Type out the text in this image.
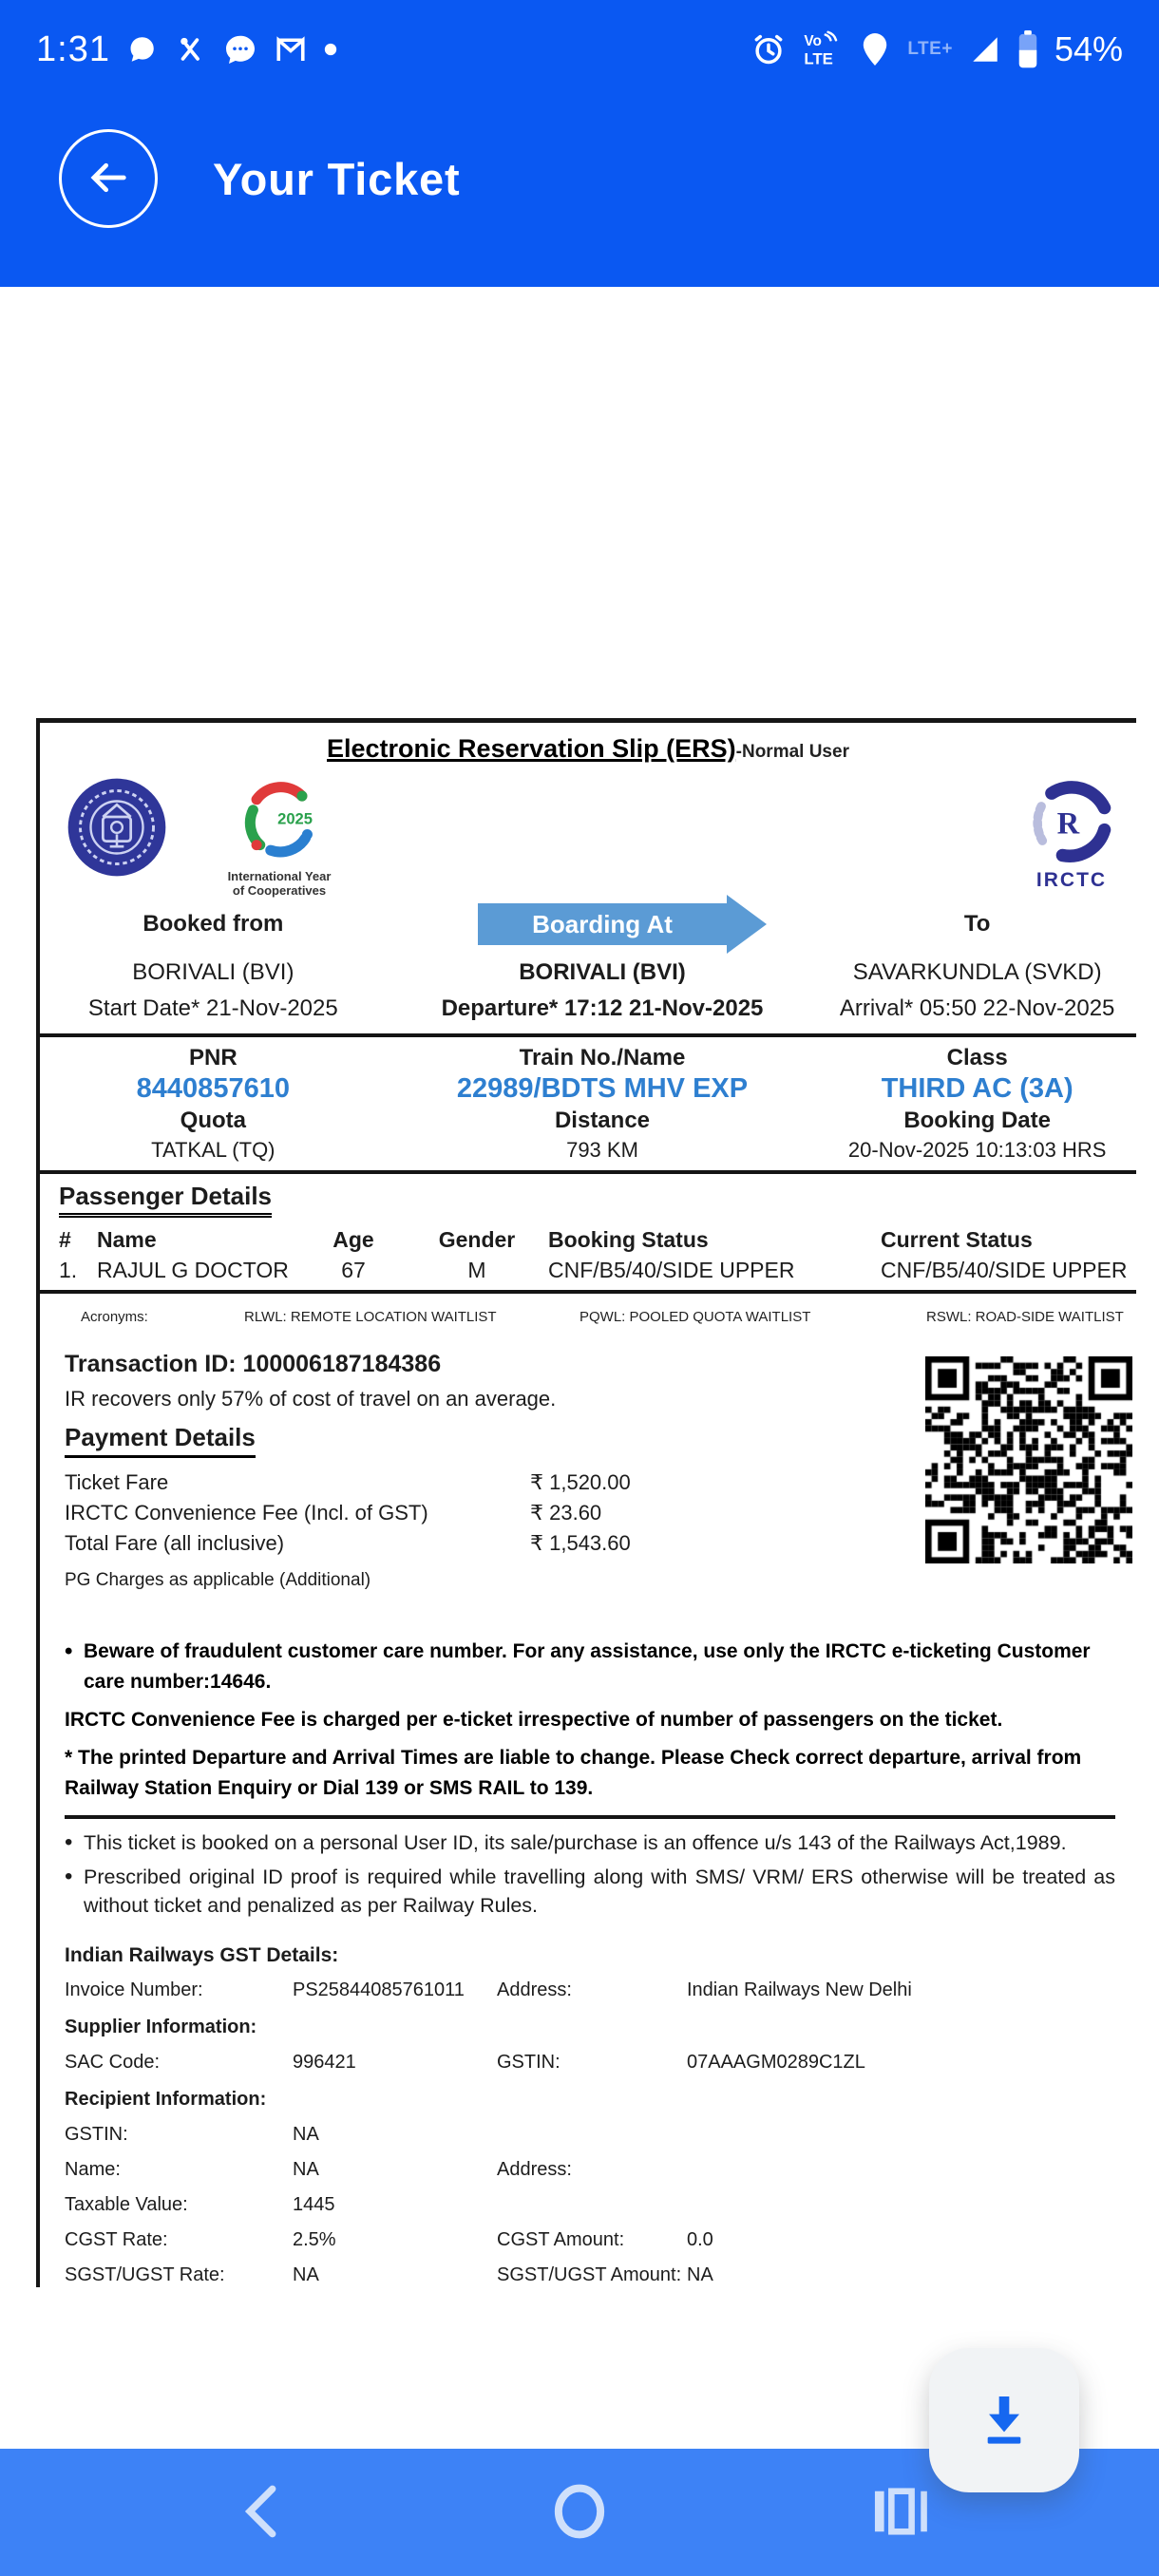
1:31	Vo
LTE	LTE+	54%
Your Ticket
Electronic Reservation Slip (ERS)-Normal User
2025
International Year
of Cooperatives
R
IRCTC
Booked from
BORIVALI (BVI)
Start Date* 21-Nov-2025
Boarding At
BORIVALI (BVI)
Departure* 17:12 21-Nov-2025
To
SAVARKUNDLA (SVKD)
Arrival* 05:50 22-Nov-2025
PNR	Train No./Name	Class
8440857610	22989/BDTS MHV EXP	THIRD AC (3A)
Quota	Distance	Booking Date
TATKAL (TQ)	793 KM	20-Nov-2025 10:13:03 HRS
Passenger Details
#	Name	Age	Gender	Booking Status	Current Status
1. RAJUL G DOCTOR	67	M	CNF/B5/40/SIDE UPPER	CNF/B5/40/SIDE UPPER
Acronyms:	RLWL: REMOTE LOCATION WAITLIST	PQWL: POOLED QUOTA WAITLIST	RSWL: ROAD-SIDE WAITLIST
Transaction ID: 100006187184386
IR recovers only 57% of cost of travel on an average.
Payment Details
Ticket Fare	₹ 1,520.00
IRCTC Convenience Fee (Incl. of GST)	₹ 23.60
Total Fare (all inclusive)	₹ 1,543.60
PG Charges as applicable (Additional)
• Beware of fraudulent customer care number. For any assistance, use only the IRCTC e-ticketing Customer care number:14646.
IRCTC Convenience Fee is charged per e-ticket irrespective of number of passengers on the ticket.
* The printed Departure and Arrival Times are liable to change. Please Check correct departure, arrival from Railway Station Enquiry or Dial 139 or SMS RAIL to 139.
• This ticket is booked on a personal User ID, its sale/purchase is an offence u/s 143 of the Railways Act,1989.
• Prescribed original ID proof is required while travelling along with SMS/ VRM/ ERS otherwise will be treated as without ticket and penalized as per Railway Rules.
Indian Railways GST Details:
Invoice Number:	PS25844085761011	Address:	Indian Railways New Delhi
Supplier Information:
SAC Code:	996421	GSTIN:	07AAAGM0289C1ZL
Recipient Information:
GSTIN:	NA
Name:	NA	Address:
Taxable Value:	1445
CGST Rate:	2.5%	CGST Amount:	0.0
SGST/UGST Rate:	NA	SGST/UGST Amount: NA
